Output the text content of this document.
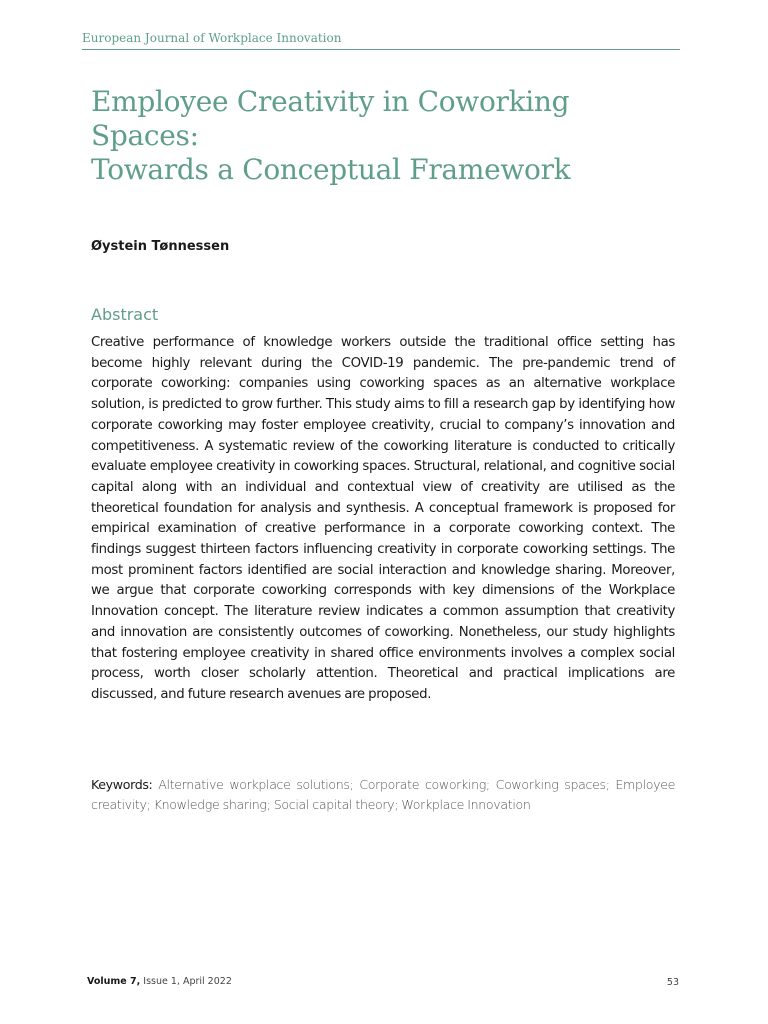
European Journal of Workplace Innovation
Employee Creativity in Coworking
Spaces:
Towards a Conceptual Framework
Øystein Tønnessen
Abstract

Creative performance of knowledge workers outside the traditional office setting has become highly relevant during the COVID-19 pandemic. The pre-pandemic trend of corporate coworking: companies using coworking spaces as an alternative workplace solution, is predicted to grow further. This study aims to fill a research gap by identifying how corporate coworking may foster employee creativity, crucial to company’s innovation and competitiveness. A systematic review of the coworking literature is conducted to critically evaluate employee creativity in coworking spaces. Structural, relational, and cognitive social capital along with an individual and contextual view of creativity are utilised as the theoretical foundation for analysis and synthesis. A conceptual framework is proposed for empirical examination of creative performance in a corporate coworking context. The findings suggest thirteen factors influencing creativity in corporate coworking settings. The most prominent factors identified are social interaction and knowledge sharing. Moreover, we argue that corporate coworking corresponds with key dimensions of the Workplace Innovation concept. The literature review indicates a common assumption that creativity and innovation are consistently outcomes of coworking. Nonetheless, our study highlights that fostering employee creativity in shared office environments involves a complex social process, worth closer scholarly attention. Theoretical and practical implications are discussed, and future research avenues are proposed.

Keywords: Alternative workplace solutions; Corporate coworking; Coworking spaces; Employee creativity; Knowledge sharing; Social capital theory; Workplace Innovation

Volume 7, Issue 1, April 2022	53
